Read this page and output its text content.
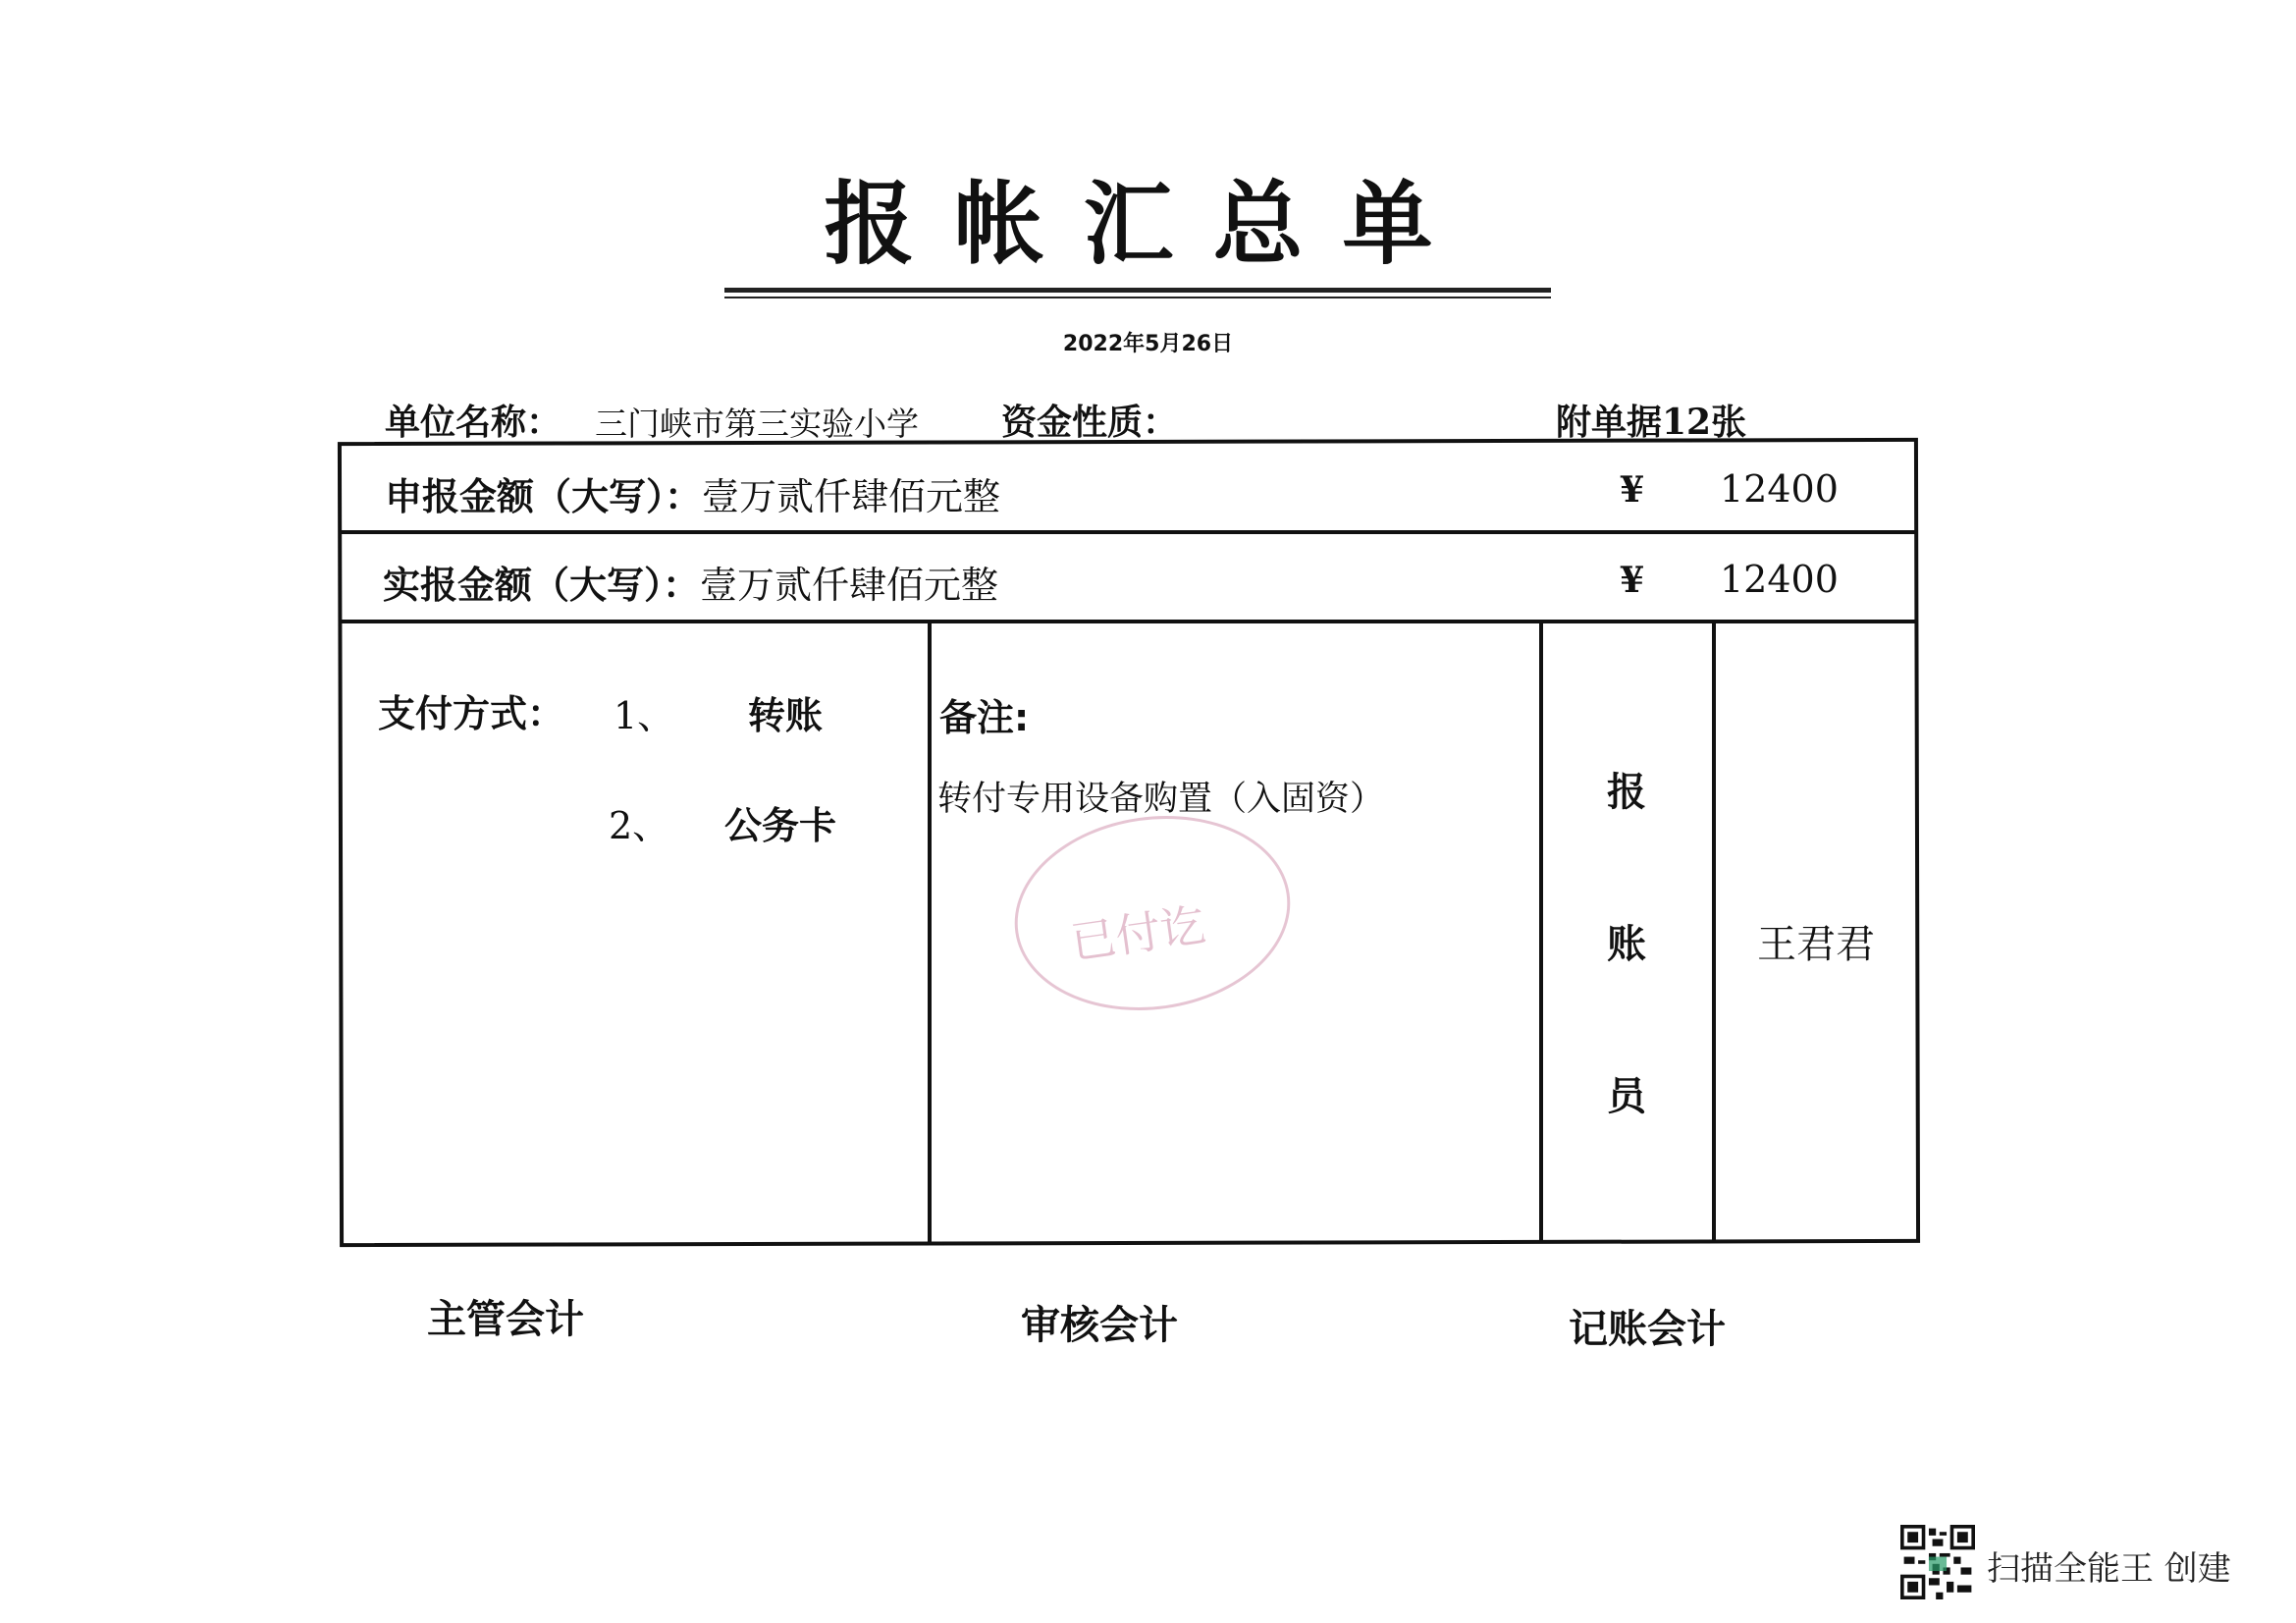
报帐汇总单
2022年5月26日
单位名称： 三门峡市第三实验小学 资金性质：	附单据12张
申报金额（大写）：壹万贰仟肆佰元整	¥ 12400
实报金额（大写）：壹万贰仟肆佰元整	¥ 12400
支付方式： 1、 转账
2、 公务卡
备注:
转付专用设备购置（入固资）
已付讫
报
账
员
王君君
主管会计	审核会计	记账会计
扫描全能王 创建
